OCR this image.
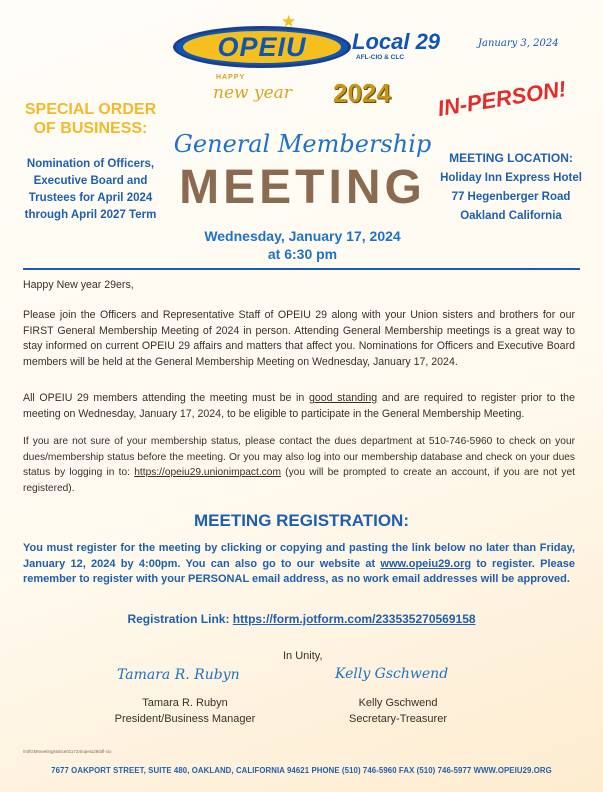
OPEIU
★
Local 29
AFL-CIO & CLC
January 3, 2024
HAPPY
new year 2024
General Membership
MEETING
Wednesday, January 17, 2024
at 6:30 pm
SPECIAL ORDER OF BUSINESS:
Nomination of Officers, Executive Board and Trustees for April 2024 through April 2027 Term
IN-PERSON!
MEETING LOCATION:
Holiday Inn Express Hotel
77 Hegenberger Road
Oakland California
Happy New year 29ers,
Please join the Officers and Representative Staff of OPEIU 29 along with your Union sisters and brothers for our FIRST General Membership Meeting of 2024 in person. Attending General Membership meetings is a great way to stay informed on current OPEIU 29 affairs and matters that affect you. Nominations for Officers and Executive Board members will be held at the General Membership Meeting on Wednesday, January 17, 2024.
All OPEIU 29 members attending the meeting must be in good standing and are required to register prior to the meeting on Wednesday, January 17, 2024, to be eligible to participate in the General Membership Meeting.
If you are not sure of your membership status, please contact the dues department at 510-746-5960 to check on your dues/membership status before the meeting. Or you may also log into our membership database and check on your dues status by logging in to: https://opeiu29.unionimpact.com (you will be prompted to create an account, if you are not yet registered).
MEETING REGISTRATION:
You must register for the meeting by clicking or copying and pasting the link below no later than Friday, January 12, 2024 by 4:00pm. You can also go to our website at www.opeiu29.org to register. Please remember to register with your PERSONAL email address, as no work email addresses will be approved.
Registration Link: https://form.jotform.com/233535270569158
In Unity,
Tamara R. Rubyn	Kelly Gschwend
Tamara R. Rubyn
President/Business Manager
Kelly Gschwend
Secretary-Treasurer
/ml/GMmeetingNotice011724/opeiu29/afl-cio
7677 OAKPORT STREET, SUITE 480, OAKLAND, CALIFORNIA 94621 PHONE (510) 746-5960 FAX (510) 746-5977 WWW.OPEIU29.ORG
